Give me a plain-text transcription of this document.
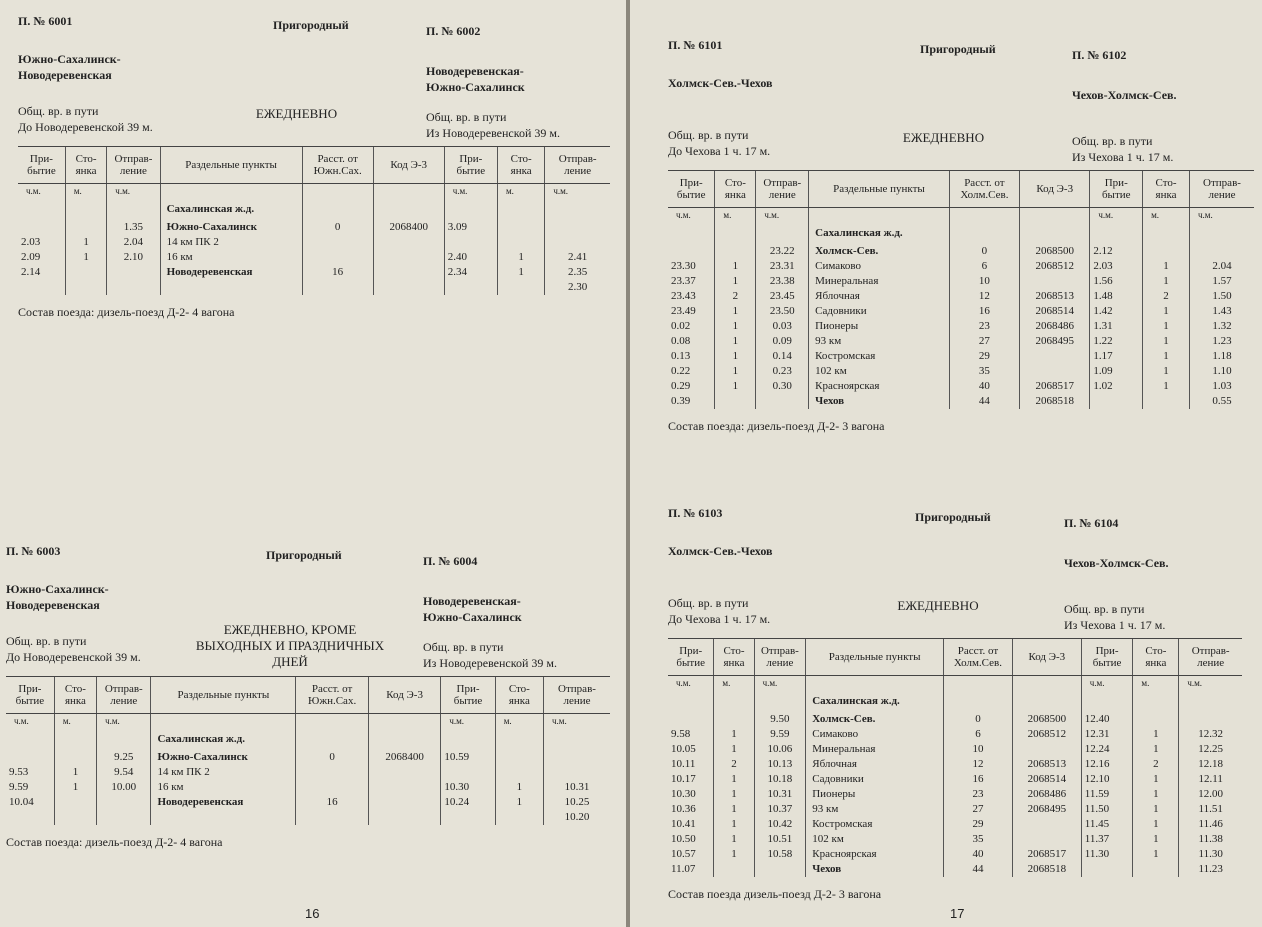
П. № 6001	Пригородный	П. № 6002
Южно-Сахалинск-
Новодеревенская	Новодеревенская-
Южно-Сахалинск
Общ. вр. в пути
До Новодеревенской 39 м.
Общ. вр. в пути
Из Новодеревенской 39 м.
ЕЖЕДНЕВНО
При-бытие	Сто-янка	Отправ-ление	Раздельные пункты	Расст. от Южн.Сах.	Код Э-3	При-бытие	Сто-янка	Отправ-ление
ч.м.	м.	ч.м.				ч.м.	м.	ч.м.
			Сахалинская ж.д.					
		1.35	Южно-Сахалинск	0	2068400	3.09		
2.03	1	2.04	14 км ПК 2					
2.09	1	2.10	16 км			2.40	1	2.41
2.14			Новодеревенская	16		2.34	1	2.35
								2.30
Состав поезда: дизель-поезд Д-2- 4 вагона
П. № 6003	Пригородный	П. № 6004
Южно-Сахалинск-
Новодеревенская	Новодеревенская-
Южно-Сахалинск
Общ. вр. в пути
До Новодеревенской 39 м.
Общ. вр. в пути
Из Новодеревенской 39 м.
ЕЖЕДНЕВНО, КРОМЕ
ВЫХОДНЫХ И ПРАЗДНИЧНЫХ
ДНЕЙ
При-бытие	Сто-янка	Отправ-ление	Раздельные пункты	Расст. от Южн.Сах.	Код Э-3	При-бытие	Сто-янка	Отправ-ление
ч.м.	м.	ч.м.				ч.м.	м.	ч.м.
			Сахалинская ж.д.					
		9.25	Южно-Сахалинск	0	2068400	10.59		
9.53	1	9.54	14 км ПК 2					
9.59	1	10.00	16 км			10.30	1	10.31
10.04			Новодеревенская	16		10.24	1	10.25
								10.20
Состав поезда: дизель-поезд Д-2- 4 вагона
16
П. № 6101	Пригородный	П. № 6102
Холмск-Сев.-Чехов
Чехов-Холмск-Сев.
Общ. вр. в пути
До Чехова 1 ч. 17 м.
Общ. вр. в пути
Из Чехова 1 ч. 17 м.
ЕЖЕДНЕВНО
При-бытие	Сто-янка	Отправ-ление	Раздельные пункты	Расст. от Холм.Сев.	Код Э-3	При-бытие	Сто-янка	Отправ-ление
ч.м.	м.	ч.м.				ч.м.	м.	ч.м.
			Сахалинская ж.д.					
		23.22	Холмск-Сев.	0	2068500	2.12		
23.30	1	23.31	Симаково	6	2068512	2.03	1	2.04
23.37	1	23.38	Минеральная	10		1.56	1	1.57
23.43	2	23.45	Яблочная	12	2068513	1.48	2	1.50
23.49	1	23.50	Садовники	16	2068514	1.42	1	1.43
0.02	1	0.03	Пионеры	23	2068486	1.31	1	1.32
0.08	1	0.09	93 км	27	2068495	1.22	1	1.23
0.13	1	0.14	Костромская	29		1.17	1	1.18
0.22	1	0.23	102 км	35		1.09	1	1.10
0.29	1	0.30	Красноярская	40	2068517	1.02	1	1.03
0.39			Чехов	44	2068518			0.55
Состав поезда: дизель-поезд Д-2- 3 вагона
П. № 6103	Пригородный	П. № 6104
Холмск-Сев.-Чехов
Чехов-Холмск-Сев.
Общ. вр. в пути
До Чехова 1 ч. 17 м.
Общ. вр. в пути
Из Чехова 1 ч. 17 м.
ЕЖЕДНЕВНО
При-бытие	Сто-янка	Отправ-ление	Раздельные пункты	Расст. от Холм.Сев.	Код Э-3	При-бытие	Сто-янка	Отправ-ление
ч.м.	м.	ч.м.				ч.м.	м.	ч.м.
			Сахалинская ж.д.					
		9.50	Холмск-Сев.	0	2068500	12.40		
9.58	1	9.59	Симаково	6	2068512	12.31	1	12.32
10.05	1	10.06	Минеральная	10		12.24	1	12.25
10.11	2	10.13	Яблочная	12	2068513	12.16	2	12.18
10.17	1	10.18	Садовники	16	2068514	12.10	1	12.11
10.30	1	10.31	Пионеры	23	2068486	11.59	1	12.00
10.36	1	10.37	93 км	27	2068495	11.50	1	11.51
10.41	1	10.42	Костромская	29		11.45	1	11.46
10.50	1	10.51	102 км	35		11.37	1	11.38
10.57	1	10.58	Красноярская	40	2068517	11.30	1	11.30
11.07			Чехов	44	2068518			11.23
Состав поезда дизель-поезд Д-2- 3 вагона
17
